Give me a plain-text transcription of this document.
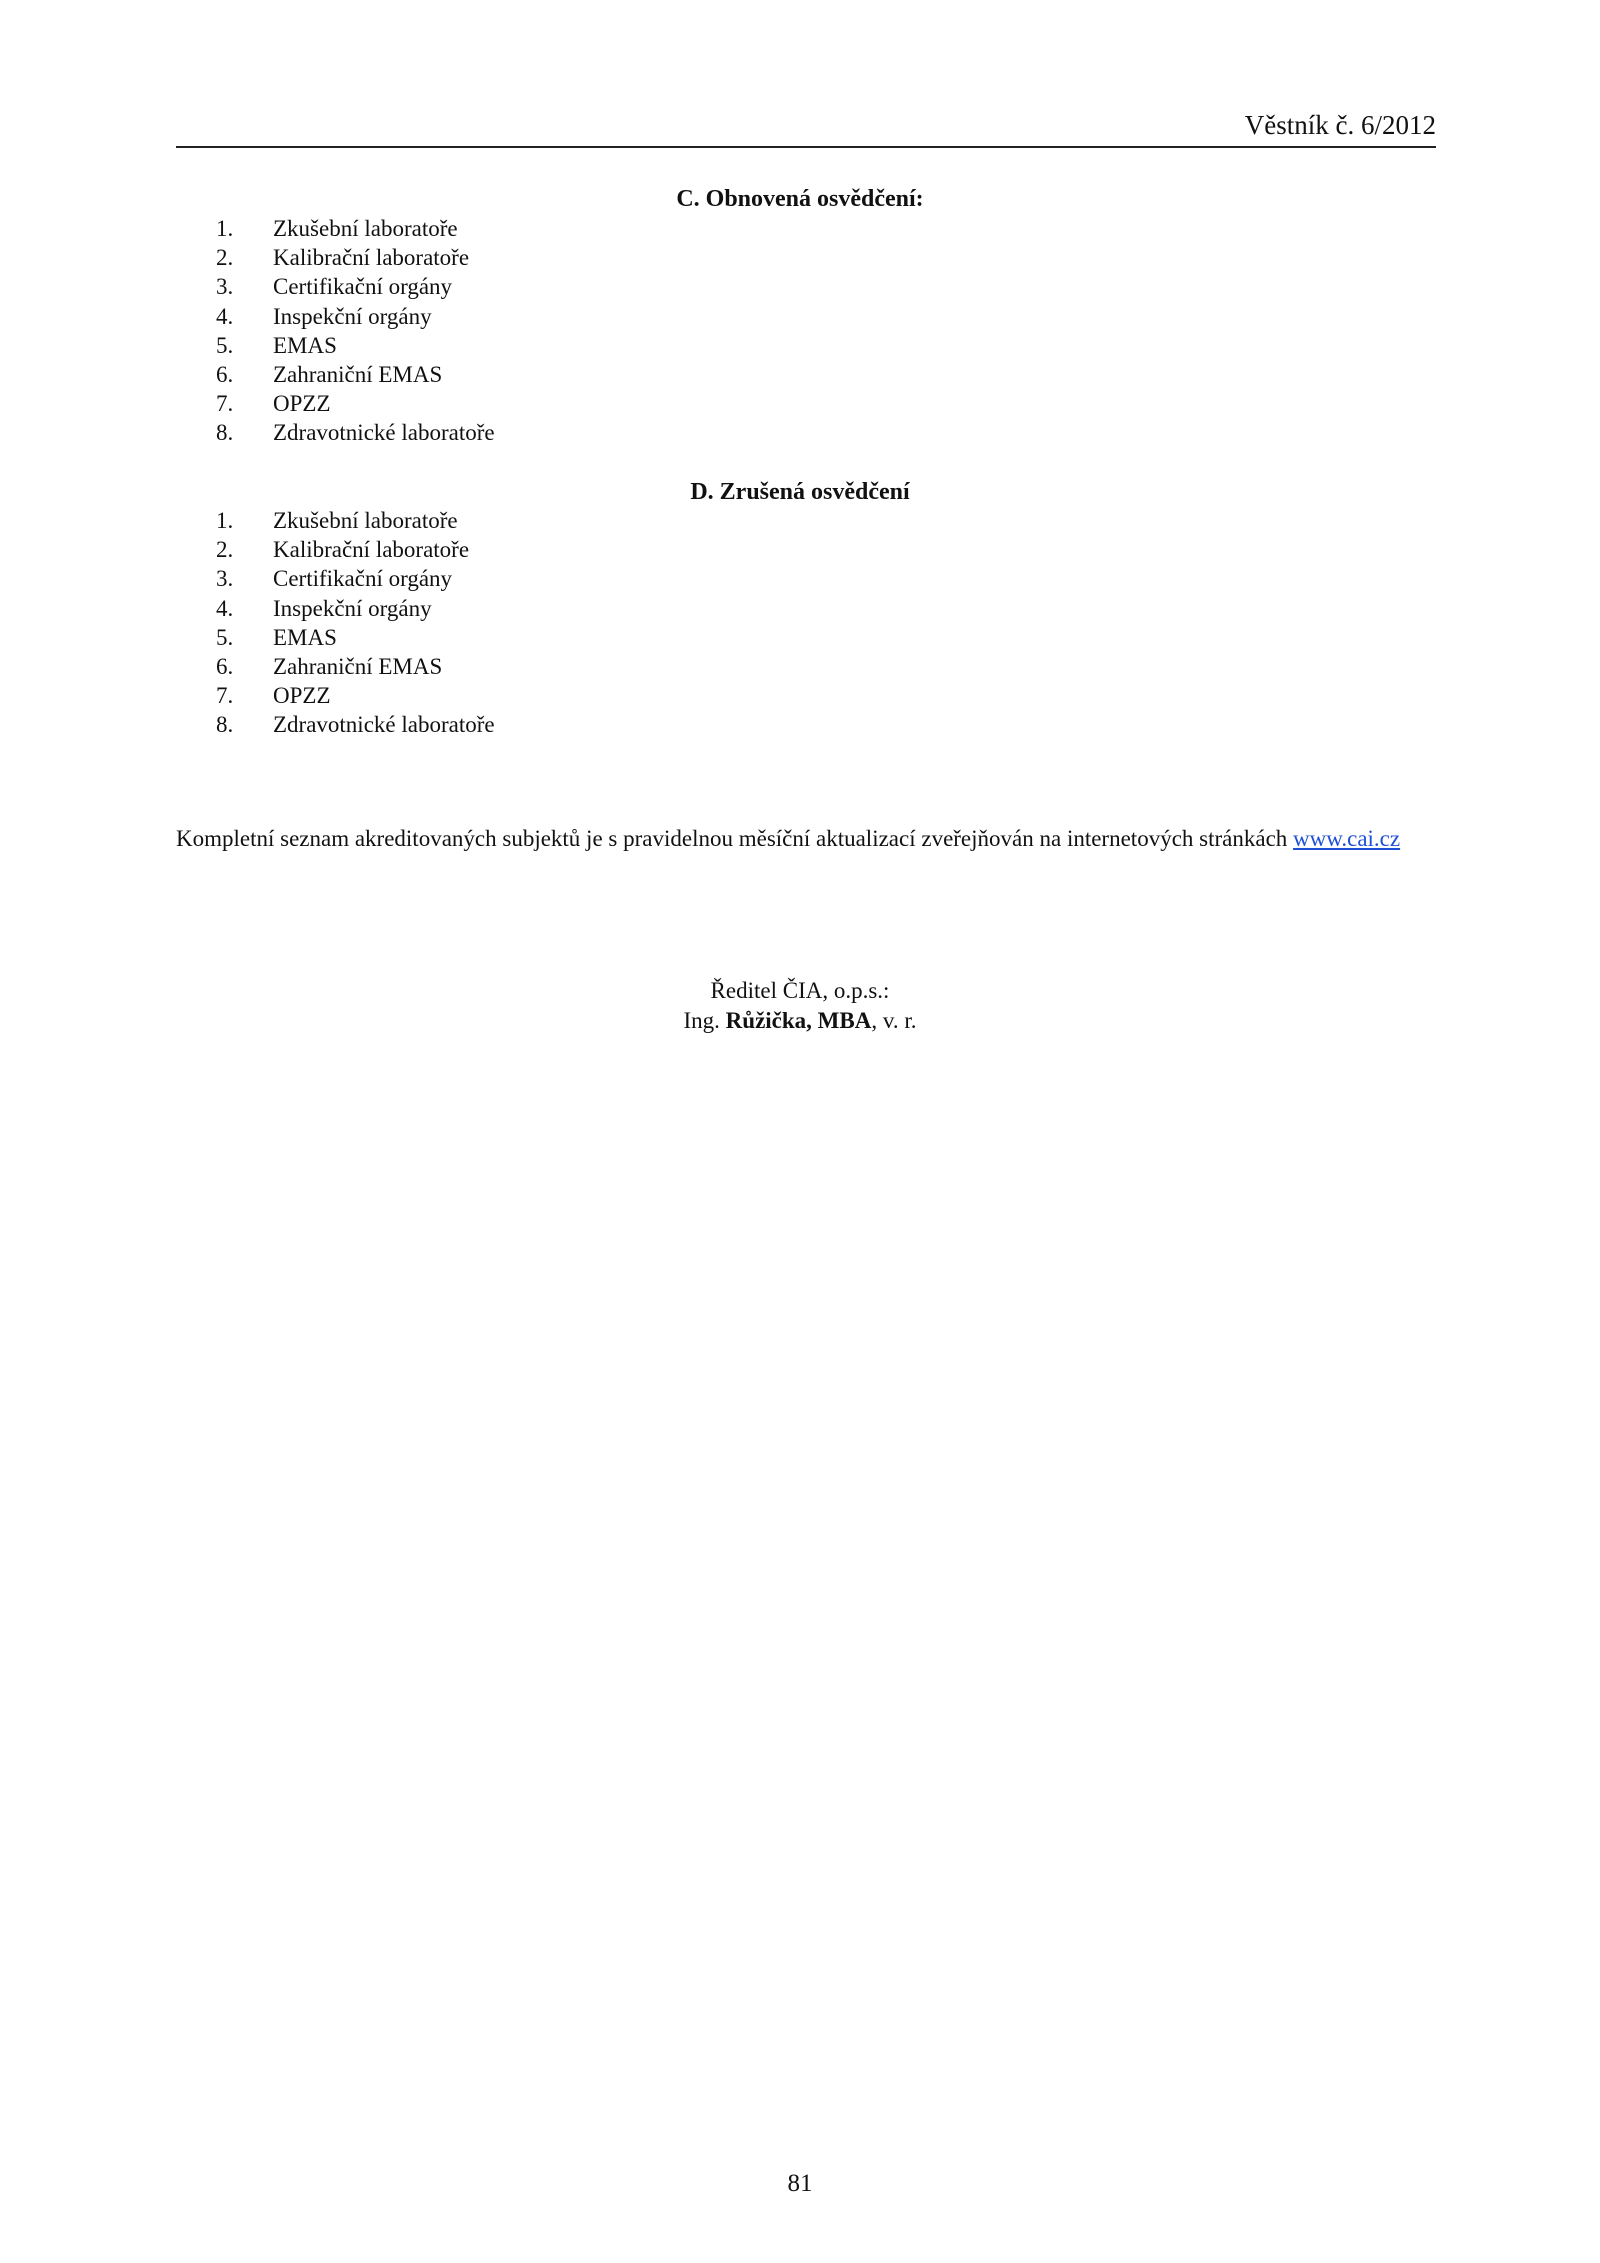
Věstník č. 6/2012
C. Obnovená osvědčení:
1. Zkušební laboratoře
2. Kalibrační laboratoře
3. Certifikační orgány
4. Inspekční orgány
5. EMAS
6. Zahraniční EMAS
7. OPZZ
8. Zdravotnické laboratoře
D. Zrušená osvědčení
1. Zkušební laboratoře
2. Kalibrační laboratoře
3. Certifikační orgány
4. Inspekční orgány
5. EMAS
6. Zahraniční EMAS
7. OPZZ
8. Zdravotnické laboratoře
Kompletní seznam akreditovaných subjektů je s pravidelnou měsíční aktualizací zveřejňován na internetových stránkách www.cai.cz
Ředitel ČIA, o.p.s.:
Ing. Růžička, MBA, v. r.
81
